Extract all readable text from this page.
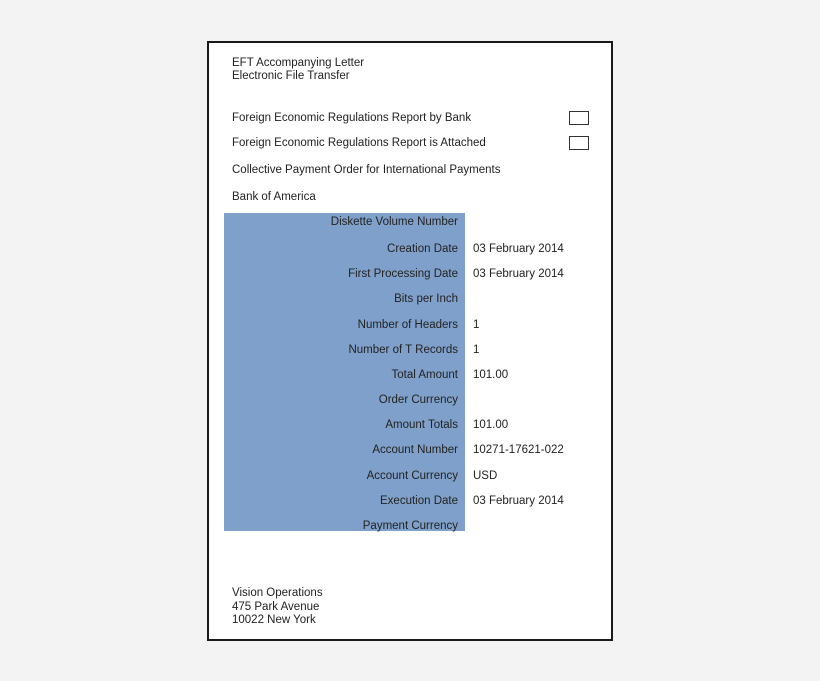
EFT Accompanying Letter
Electronic File Transfer
Foreign Economic Regulations Report by Bank
Foreign Economic Regulations Report is Attached
Collective Payment Order for International Payments
Bank of America
Diskette Volume Number
Creation Date 03 February 2014
First Processing Date 03 February 2014
Bits per Inch
Number of Headers 1
Number of T Records 1
Total Amount 101.00
Order Currency
Amount Totals 101.00
Account Number 10271-17621-022
Account Currency USD
Execution Date 03 February 2014
Payment Currency
Vision Operations
475 Park Avenue
10022 New York
